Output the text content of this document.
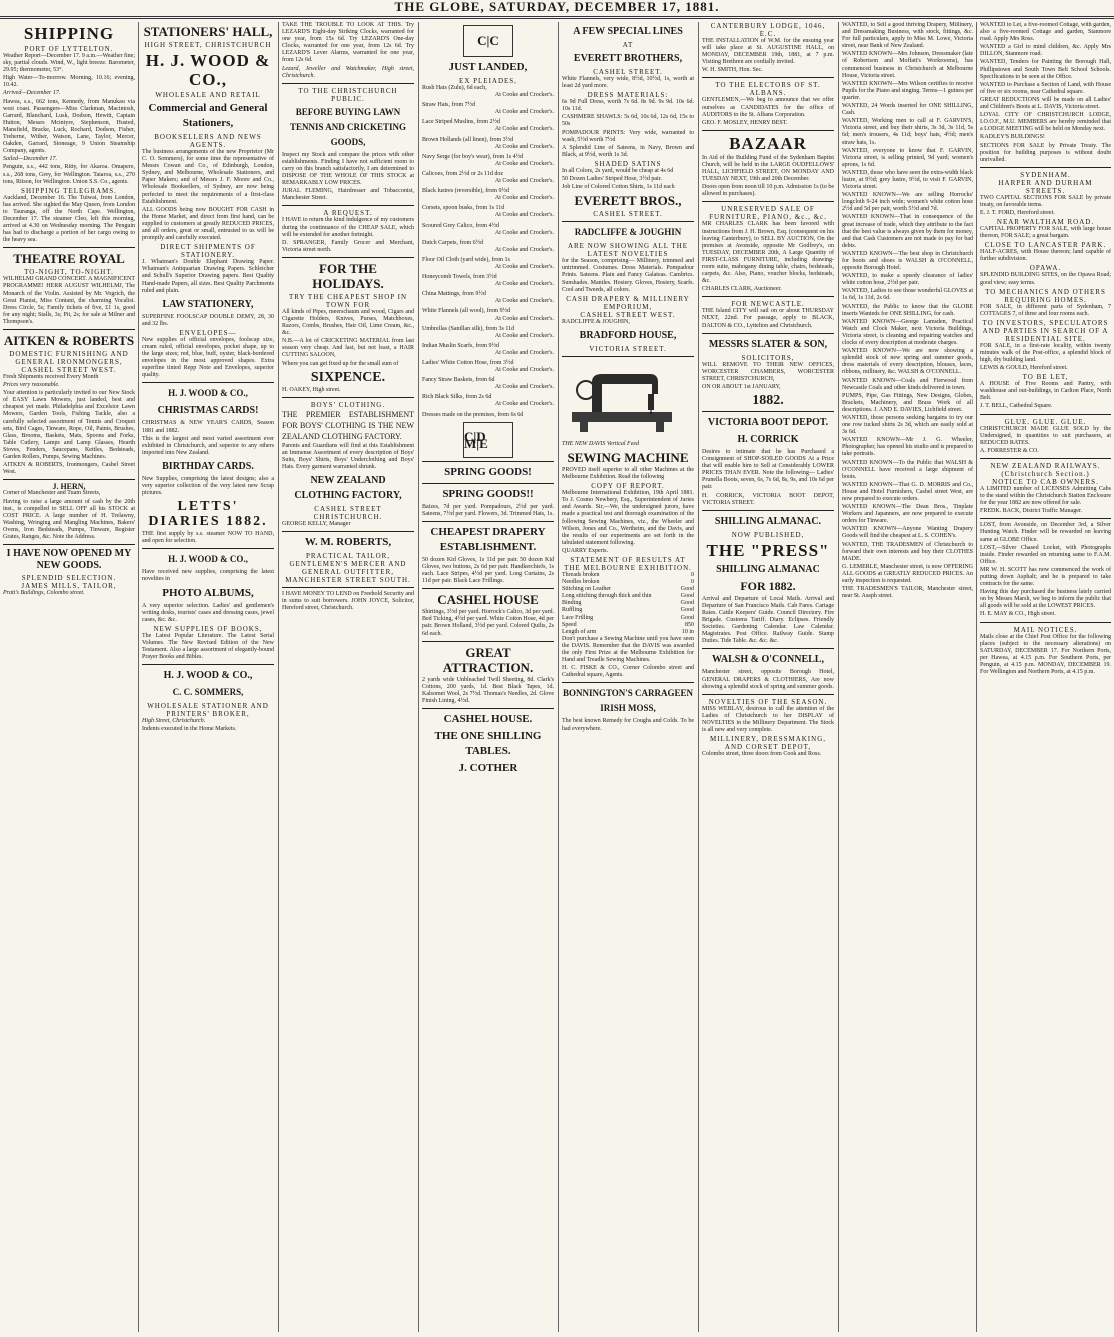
THE GLOBE, SATURDAY, DECEMBER 17, 1881.
SHIPPING
PORT OF LYTTELTON.

Weather Report—December 17. 9 a.m.—Weather fine; sky, partial clouds. Wind, W., light breeze. Barometer, 29.95; thermometer, 53°.

High Water—To-morrow. Morning, 10.16; evening, 10.42.

Arrived—December 17.

Hawea, s.s., 662 tons, Kennedy, from Manukau via west coast. Passengers—Miss Clarkman, Macintosh, Garrard, Blanchard, Lusk, Dodson, Hewitt, Captain Hutton, Messrs Mcintyre, Stephenson, Husted, Mansfield, Bracke, Luck, Rochard, Dodson, Fisher, Treherne, Wither, Watson, Lane, Taylor, Mercer, Oakden, Garrard, Stoneage, 9 Union Steamship Company, agents.

Sailed—December 17.

Penguin, s.s., 442 tons, Ritty, for Akaroa. Omapere, s.s., 268 tons, Grey, for Wellington. Taiaroa, s.s., 270 tons, Ritson, for Wellington. Union S.S. Co., agents.

SHIPPING TELEGRAMS.

Auckland, December 16. The Tuiwai, from London, has arrived. She sighted the May Queen, from London to Tauranga, off the North Cape. Wellington, December 17. The steamer Cleo, left this morning, arrived at 4.30 on Wednesday morning. The Penguin has had to discharge a portion of her cargo owing to the heavy sea.

THEATRE ROYAL
TO-NIGHT, TO-NIGHT.

WILHELMJ GRAND CONCERT. A MAGNIFICENT PROGRAMME! HERR AUGUST WILHELMJ, The Monarch of the Violin. Assisted by Mr. Vogrich, the Great Pianist, Miss Contani, the charming Vocalist. Dress Circle, 5s; Family tickets of five, £1 1s, good for any night; Stalls, 3s; Pit, 2s; for sale at Milner and Thompson's.

AITKEN & ROBERTS
DOMESTIC FURNISHING AND GENERAL IRONMONGERS,
CASHEL STREET WEST.

Fresh Shipments received Every Month

Prices very reasonable.

Your attention is particularly invited to our New Stock of EASY Lawn Mowers, just landed, best and cheapest yet made. Philadelphia and Excelsior Lawn Mowers, Garden Tools, Fishing Tackle, also a carefully selected assortment of Tennis and Croquet sets, Bird Cages, Tinware, Rope, Oil, Paints, Brushes, Glass, Brooms, Baskets, Mats, Spoons and Forks, Table Cutlery, Lamps and Lamp Glasses, Hearth Stoves, Fenders, Saucepans, Kettles, Bedsteads, Garden Rollers, Pumps, Sewing Machines.

AITKEN & ROBERTS, Ironmongers, Cashel Street West.

J. HERN,

Corner of Manchester and Tuam Streets,

Having to raise a large amount of cash by the 20th inst., is compelled to SELL OFF all his STOCK at COST PRICE. A large number of H. Trelawny, Washing, Wringing and Mangling Machines, Bakers' Ovens, Iron Bedsteads, Pumps, Tinware, Register Grates, Ranges, &c. Note the Address.

I HAVE NOW OPENED MY NEW GOODS.
SPLENDID SELECTION.
JAMES MILLS, TAILOR,

Pratt's Buildings, Colombo street.

STATIONERS' HALL,
HIGH STREET, CHRISTCHURCH
H. J. WOOD & CO.,
WHOLESALE AND RETAIL
Commercial and General Stationers,
BOOKSELLERS AND NEWS AGENTS.

The business arrangements of the new Proprietor (Mr C. O. Sommers), for some time the representative of Messrs Cowan and Co., of Edinburgh, London, Sydney, and Melbourne, Wholesale Stationers, and Paper Makers; and of Messrs J. F. Moore and Co., Wholesale Booksellers, of Sydney, are now being perfected to meet the requirements of a first-class Establishment.

ALL GOODS being now BOUGHT FOR CASH in the Home Market, and direct from first hand, can be supplied to customers at greatly REDUCED PRICES, and all orders, great or small, entrusted to us will be promptly and carefully executed.

DIRECT SHIPMENTS OF STATIONERY.

J. Whatman's Double Elephant Drawing Paper. Whatman's Antiquarian Drawing Papers. Schleicher and Schull's Superior Drawing papers. Best Quality Hand-made Papers, all sizes. Best Quality Parchments ruled and plain.

LAW STATIONERY,

SUPERFINE FOOLSCAP DOUBLE DEMY, 28, 30 and 32 lbs.

ENVELOPES—

New supplies of official envelopes, foolscap size, cream ruled, official envelopes, pocket shape, up to the large sizes; red, blue, buff, oyster, black-bordered envelopes in the most approved shapes. Extra superfine tinted Repp Note and Envelopes, superior quality.

H. J. WOOD & CO.,
CHRISTMAS CARDS!

CHRISTMAS & NEW YEAR'S CARDS, Season 1881 and 1882.

This is the largest and most varied assortment ever exhibited in Christchurch, and superior to any others imported into New Zealand.

BIRTHDAY CARDS.

New Supplies, comprising the latest designs; also a very superior collection of the very latest new Scrap pictures.

LETTS' DIARIES 1882.

THE first supply by s.s. steamer NOW TO HAND, and open for selection.

H. J. WOOD & CO.,

Have received new supplies, comprising the latest novelties in

PHOTO ALBUMS,

A very superior selection. Ladies' and gentlemen's writing desks, tourists' cases and dressing cases, jewel cases, &c. &c.

NEW SUPPLIES OF BOOKS,

The Latest Popular Literature. The Latest Serial Volumes. The New Revised Edition of the New Testament. Also a large assortment of elegantly-bound Prayer Books and Bibles.

H. J. WOOD & CO.,
C. C. SOMMERS,
WHOLESALE STATIONER AND PRINTERS' BROKER,

High Street, Christchurch.

Indents executed in the Home Markets.

TAKE THE TROUBLE TO LOOK AT THIS. Try LEZARD'S Eight-day Striking Clocks, warranted for one year, from 15s 6d. Try LEZARD'S One-day Clocks, warranted for one year, from 12s 6d. Try LEZARD'S Lever Alarms, warranted for one year, from 12s 6d.

Lezard, Jeweller and Watchmaker, High street, Christchurch.

TO THE CHRISTCHURCH PUBLIC.
BEFORE BUYING LAWN TENNIS AND CRICKETING GOODS,

Inspect my Stock and compare the prices with other establishments. Finding I have not sufficient room to carry on this branch satisfactorily, I am determined to DISPOSE OF THE WHOLE OF THIS STOCK at REMARKABLY LOW PRICES.

JURAL FLEMING, Hairdresser and Tobacconist, Manchester Street.

A REQUEST.

I HAVE to return the kind indulgence of my customers during the continuance of the CHEAP SALE, which will be extended for another fortnight.

D. SPRANGER, Family Grocer and Merchant, Victoria street north.

FOR THE HOLIDAYS.
TRY THE CHEAPEST SHOP IN TOWN FOR

All kinds of Pipes, meerschaum and wood, Cigars and Cigarette Holders, Knives, Purses, Matchboxes, Razors, Combs, Brushes, Hair Oil, Lime Cream, &c., &c.

N.B.—A lot of CRICKETING MATERIAL from last season very cheap. And last, but not least, a HAIR CUTTING SALOON,

Where you can get fixed up for the small sum of

SIXPENCE.

H. OAKEY, High street.

BOYS' CLOTHING.

THE PREMIER ESTABLISHMENT FOR BOYS' CLOTHING IS THE NEW ZEALAND CLOTHING FACTORY.

Parents and Guardians will find at this Establishment an Immense Assortment of every description of Boys' Suits, Boys' Shirts, Boys' Underclothing and Boys' Hats. Every garment warranted shrunk.

NEW ZEALAND CLOTHING FACTORY,
CASHEL STREET CHRISTCHURCH.

GEORGE KELLY, Manager

W. M. ROBERTS,
PRACTICAL TAILOR, GENTLEMEN'S MERCER AND GENERAL OUTFITTER,
MANCHESTER STREET SOUTH.

I HAVE MONEY TO LEND on Freehold Security and in sums to suit borrowers. JOHN JOYCE, Solicitor, Hereford street, Christchurch.

C|C
JUST LANDED,
EX PLEIADES,
Rush Hats (Zulu), 6d each,
At Cooke and Crocker's.
Straw Hats, from 7½d
At Cooke and Crocker's.
Lace Striped Muslins, from 2½d
At Cooke and Crocker's.
Brown Hollands (all linen), from 3½d
At Cooke and Crocker's.
Navy Serge (for boy's wear), from 1s 4½d
At Cooke and Crocker's.
Calicoes, from 2½d or 2s 11d doz
At Cooke and Crocker's.
Black lustres (reversible), from 9½d
At Cooke and Crocker's.
Corsets, spoon busks, from 1s 11d
At Cooke and Crocker's.
Scoured Grey Calico, from 4½d
At Cooke and Crocker's.
Dutch Carpets, from 6½d
At Cooke and Crocker's.
Floor Oil Cloth (yard wide), from 1s
At Cooke and Crocker's.
Honeycomb Towels, from 3½d
At Cooke and Crocker's.
China Mattings, from 9½d
At Cooke and Crocker's.
White Flannels (all wool), from 9½d
At Cooke and Crocker's.
Umbrellas (Sanillan silk), from 3s 11d
At Cooke and Crocker's.
Indian Muslin Scarfs, from 9½d
At Cooke and Crocker's.
Ladies' White Cotton Hose, from 3½d
At Cooke and Crocker's.
Fancy Straw Baskets, from 6d
At Cooke and Crocker's.
Rich Black Silks, from 2s 6d
At Cooke and Crocker's.

Dresses made on the premises, from 6s 6d

C|D M|E
SPRING GOODS!
SPRING GOODS!!

Baizes, 7d per yard. Pompadours, 2½d per yard. Sateens, 7½d per yard. Flowers, 3d. Trimmed Hats, 1s.

CHEAPEST DRAPERY ESTABLISHMENT.

50 dozen Kid Gloves, 1s 11d per pair. 50 dozen Kid Gloves, two buttons, 2s 6d per pair. Handkerchiefs, 1s each. Lace Stripes, 4½d per yard. Long Curtains, 2s 11d per pair. Black Lace Frillings.

CASHEL HOUSE

Shirtings, 3½d per yard. Horrock's Calico, 3d per yard. Bed Ticking, 4½d per yard. White Cotton Hose, 4d per pair. Brown Holland, 3½d per yard. Colored Quilts, 2s 6d each.

GREAT ATTRACTION.

2 yards wide Unbleached Twill Sheeting, 8d. Clark's Cottons, 200 yards, 1d. Best Black Tapes, 1d. Kalsomet Wool, 2s 7½d. Thomas's Needles, 2d. Glove Finish Lining, 4½d.

CASHEL HOUSE.
THE ONE SHILLING TABLES.
J. COTHER
A FEW SPECIAL LINES
AT
EVERETT BROTHERS,
CASHEL STREET.

White Flannels, very wide, 8½d, 10½d, 1s, worth at least 2d yard more.

DRESS MATERIALS:

6s 9d Full Dress, worth 7s 6d. 8s 9d. 9s 9d. 10s 6d. 10s 11d.

CASHMERE SHAWLS: 5s 6d, 10s 6d, 12s 6d, 15s to 50s

POMPADOUR PRINTS: Very wide, warranted to wash, 5½d worth 7½d

A Splendid Line of Sateens, in Navy, Brown and Black, at 9½d, worth 1s 3d.

SHADED SATINS

In all Colors, 2s yard, would be cheap at 4s 6d

50 Dozen Ladies' Striped Hose, 3½d pair.

Job Line of Colored Cotton Shirts, 1s 11d each

EVERETT BROS.,
CASHEL STREET.
RADCLIFFE & JOUGHIN
ARE NOW SHOWING ALL THE LATEST NOVELTIES

for the Season, comprising— Millinery, trimmed and untrimmed. Costumes. Dress Materials. Pompadour Prints. Sateens. Plain and Fancy Galateas. Cambrics. Sunshades. Mantles. Hosiery. Gloves, Hosiery, Scarfs. Cool and Tweeds, all colors.

CASH DRAPERY & MILLINERY EMPORIUM,
CASHEL STREET WEST.

RADCLIFFE & JOUGHIN,

BRADFORD HOUSE,
VICTORIA STREET.

THE NEW DAVIS Vertical Feed

SEWING MACHINE

PROVED itself superior to all other Machines at the Melbourne Exhibition. Read the following

COPY OF REPORT.

Melbourne International Exhibition, 19th April 1881. To J. Cosmo Newbery, Esq., Superintendent of Juries and Awards. Sir,—We, the undersigned jurors, have made a practical test and thorough examination of the following Sewing Machines, viz., the Wheeler and Wilson, Jones and Co., Wertheim, and the Davis, and the results of our experiments are set forth in the tabulated statement following.

QUARRY Experts.

STATEMENT OF RESULTS AT THE MELBOURNE EXHIBITION.
Threads broken	0
Needles broken	0
Stitching on Leather	Good
Long stitching through thick and thin	Good
Binding	Good
Ruffling	Good
Lace Frilling	Good
Speed	850
Length of arm	10 in

Don't purchase a Sewing Machine until you have seen the DAVIS. Remember that the DAVIS was awarded the only First Prize at the Melbourne Exhibition for Hand and Treadle Sewing Machines.

H. C. FISKE & CO., Corner Colombo street and Cathedral square, Agents.

BONNINGTON'S CARRAGEEN IRISH MOSS,

The best known Remedy for Coughs and Colds. To be had everywhere.

CANTERBURY LODGE, 1046, E.C.

THE INSTALLATION of W.M. for the ensuing year will take place at St. AUGUSTINE HALL, on MONDAY, DECEMBER 19th, 1881, at 7 p.m. Visiting Brethren are cordially invited.

W. H. SMITH, Hon. Sec.

TO THE ELECTORS OF ST. ALBANS.

GENTLEMEN,—We beg to announce that we offer ourselves as CANDIDATES for the office of AUDITORS to the St. Albans Corporation.

GEO. F. MOSLEY, HENRY BEST.

BAZAAR

In Aid of the Building Fund of the Sydenham Baptist Church, will be held in the LARGE OUDFELLOWS' HALL, LICHFIELD STREET, ON MONDAY AND TUESDAY NEXT, 19th and 20th December.

Doors open from noon till 10 p.m. Admission 1s (to be allowed in purchases).

UNRESERVED SALE OF FURNITURE, PIANO, &c., &c.

MR CHARLES CLARK has been favored with instructions from J. H. Brown, Esq. (consequent on his leaving Canterbury), to SELL BY AUCTION, On the premises at Avonside, opposite Mr Godfrey's, on TUESDAY, DECEMBER 20th, A Large Quantity of FIRST-CLASS FURNITURE, including drawing-room suite, mahogany dining table, chairs, bedsteads, carpets, &c. Also, Piano, voucher blocks, bedsteads, &c.

CHARLES CLARK, Auctioneer.

FOR NEWCASTLE.

THE Island CITY will sail on or about THURSDAY NEXT, 22nd. For passage, apply to BLACK, DALTON & CO., Lyttelton and Christchurch.

MESSRS SLATER & SON,
SOLICITORS,

WILL REMOVE TO THEIR NEW OFFICES, WORCESTER CHAMBERS, WORCESTER STREET, CHRISTCHURCH,

ON OR ABOUT 1st JANUARY,

1882.
VICTORIA BOOT DEPOT.
H. CORRICK

Desires to intimate that he has Purchased a Consignment of SHOP-SOILED GOODS At a Price that will enable him to Sell at Considerably LOWER PRICES THAN EVER. Note the following— Ladies' Prunella Boots, seven, 6s, 7s 6d, 8s, 9s, and 10s 6d per pair.

H. CORRICK, VICTORIA BOOT DEPOT, VICTORIA STREET.

SHILLING ALMANAC.
NOW PUBLISHED,
THE "PRESS"
SHILLING ALMANAC
FOR 1882.

Arrival and Departure of Local Mails. Arrival and Departure of San Francisco Mails. Cab Fares. Cartage Rates. Cattle Keepers' Guide. Council Directory. Fire Brigade. Customs Tariff. Diary. Eclipses. Friendly Societies. Gardening Calendar. Law Calendar. Magistrates. Post Office. Railway Guide. Stamp Duties. Tide Table. &c. &c. &c.

WALSH & O'CONNELL,

Manchester street, opposite Borough Hotel, GENERAL DRAPERS & CLOTHIERS, Are now showing a splendid stock of spring and summer goods.

NOVELTIES OF THE SEASON.

MISS WEBLAY, desirous to call the attention of the Ladies of Christchurch to her DISPLAY of NOVELTIES in the Millinery Department. The Stock is all new and very complete.

MILLINERY, DRESSMAKING, AND CORSET DEPOT,

Colombo street, three doors from Cook and Ross.

WANTED, to Sell a good thriving Drapery, Millinery, and Dressmaking Business, with stock, fittings, &c. For full particulars, apply to Miss M. Lowe, Victoria street, near Bank of New Zealand.

WANTED KNOWN—Mrs Johnson, Dressmaker (late of Robertson and Moffatt's Workrooms), has commenced business in Christchurch at Melbourne House, Victoria street.

WANTED KNOWN—Mrs Wilson certifies to receive Pupils for the Piano and singing. Terms—1 guinea per quarter.

WANTED, 24 Words inserted for ONE SHILLING, Cash.

WANTED, Working men to call at F. GARVIN'S, Victoria street, and buy their shirts, 3s 3d, 3s 11d, 5s 6d; men's trousers, 4s 11d; boys' hats, 4½d; men's straw hats, 1s.

WANTED, everyone to know that F. GARVIN, Victoria street, is selling printed, 9d yard; women's aprons, 1s 6d.

WANTED, those who have seen the extra-width black lustre, at 9½d; grey lustre, 9½d, to visit F. GARVIN, Victoria street.

WANTED KNOWN—We are selling Horrocks' longcloth 9-24 inch wide; women's white cotton hose 2½d and 5d per pair, worth 5½d and 7d.

WANTED KNOWN—That in consequence of the great increase of trade, which they attribute to the fact that the best value is always given by them for money, and that Cash Customers are not made to pay for bad debts.

WANTED KNOWN—The best shop in Christchurch for boots and shoes is WALSH & O'CONNELL, opposite Borough Hotel.

WANTED, to make a speedy clearance of ladies' white cotton hose, 2½d per pair.

WANTED, Ladies to see those wonderful GLOVES at 1s 6d, 1s 11d, 2s 6d.

WANTED, the Public to know that the GLOBE inserts Wanteds for ONE SHILLING, for cash.

WANTED KNOWN—George Lamsden, Practical Watch and Clock Maker, next Victoria Buildings, Victoria street, is cleaning and repairing watches and clocks of every description at moderate charges.

WANTED KNOWN—We are now showing a splendid stock of new spring and summer goods, dress materials of every description, blouses, laces, ribbons, millinery, &c. WALSH & O'CONNELL.

WANTED KNOWN—Coals and Firewood from Newcastle Coals and other kinds delivered in town.

PUMPS, Pipe, Gas Fittings, New Designs, Globes, Brackets, Machinery, and Brass Work of all descriptions. J. AND E. DAVIES, Lichfield street.

WANTED, those persons seeking bargains to try our one row tucked shirts 2s 3d, which are easily sold at 3s 6d.

WANTED KNOWN—Mr J. G. Wheeler, Photographer, has opened his studio and is prepared to take portraits.

WANTED KNOWN—To the Public that WALSH & O'CONNELL have received a large shipment of boots.

WANTED KNOWN—That G. D. MORRIS and Co., House and Hotel Furnishers, Cashel street West, are now prepared to execute orders.

WANTED KNOWN—The Dean Bros., Tinplate Workers and Japanners, are now prepared to execute orders for Tinware.

WANTED KNOWN—Anyone Wanting Drapery Goods will find the cheapest at L. S. COHEN's.

WANTED, THE TRADESMEN of Christchurch to forward their own interests and buy their CLOTHES MADE.

G. LEMERLE, Manchester street, is now OFFERING ALL GOODS at GREATLY REDUCED PRICES. An early inspection is requested.

THE TRADESMEN'S TAILOR, Manchester street, near St. Asaph street.

WANTED to Let, a five-roomed Cottage, with garden, also a five-roomed Cottage and garden, Stanmore road. Apply Mrs Ross.

WANTED a Girl to mind children, &c. Apply Mrs DILLON, Stanmore road.

WANTED, Tenders for Painting the Borough Hall, Phillipstown and South Town Belt School Schools. Specifications to be seen at the Office.

WANTED to Purchase a Section of Land, with House of five or six rooms, near Cathedral square.

GREAT REDUCTIONS will be made on all Ladies' and Children's Boots at L. DAVIS, Victoria street.

LOYAL CITY OF CHRISTCHURCH LODGE, I.O.O.F., M.U. MEMBERS are hereby reminded that a LODGE MEETING will be held on Monday next.

KADLEY'S BUILDINGS!

SECTIONS FOR SALE by Private Treaty. The position for building purposes is without doubt unrivalled.

SYDENHAM.
HARPER AND DURHAM STREETS.

TWO CAPITAL SECTIONS FOR SALE by private treaty, on favorable terms.

E. J. T. FORD, Hereford street.

NEAR WALTHAM ROAD.

CAPITAL PROPERTY FOR SALE, with large house thereon, FOR SALE; a great bargain.

CLOSE TO LANCASTER PARK.

HALF-ACRES, with House thereon; land capable of further subdivision.

OPAWA.

SPLENDID BUILDING SITES, on the Opawa Road; good view; easy terms.

TO MECHANICS AND OTHERS REQUIRING HOMES.

FOR SALE, in different parts of Sydenham, 7 COTTAGES 7, of three and four rooms each.

TO INVESTORS, SPECULATORS AND PARTIES IN SEARCH OF A RESIDENTIAL SITE.

FOR SALE, in a first-rate locality, within twenty minutes walk of the Post-office, a splendid block of high, dry building land.

LEWIS & GOULD, Hereford street.

TO BE LET,

A HOUSE of Five Rooms and Pantry, with washhouse and out-buildings, in Carlton Place, North Belt.

J. T. BELL, Cathedral Square.

GLUE. GLUE. GLUE.

CHRISTCHURCH MADE GLUE SOLD by the Undersigned, in quantities to suit purchasers, at REDUCED RATES.

A. FORRESTER & CO.

NEW ZEALAND RAILWAYS. (Christchurch Section.)
NOTICE TO CAB OWNERS.

A LIMITED number of LICENSES Admitting Cabs to the stand within the Christchurch Station Enclosure for the year 1882 are now offered for sale.

FREDK. BACK, District Traffic Manager.

LOST, from Avonside, on December 3rd, a Silver Hunting Watch. Finder will be rewarded on leaving same at GLOBE Office.

LOST,—Silver Chased Locket, with Photographs inside. Finder rewarded on returning same to F.A.M. Office.

MR W. H. SCOTT has now commenced the work of putting down Asphalt; and he is prepared to take contracts for the same.

Having this day purchased the business lately carried on by Messrs Marsh, we beg to inform the public that all goods will be sold at the LOWEST PRICES.

H. E. MAY & CO., High street.

MAIL NOTICES.

Mails close at the Chief Post Office for the following places (subject to the necessary alterations) on SATURDAY, DECEMBER 17. For Northern Ports, per Hawea, at 4.15 p.m. For Southern Ports, per Penguin, at 4.15 p.m. MONDAY, DECEMBER 19. For Wellington and Northern Ports, at 4.15 p.m.
